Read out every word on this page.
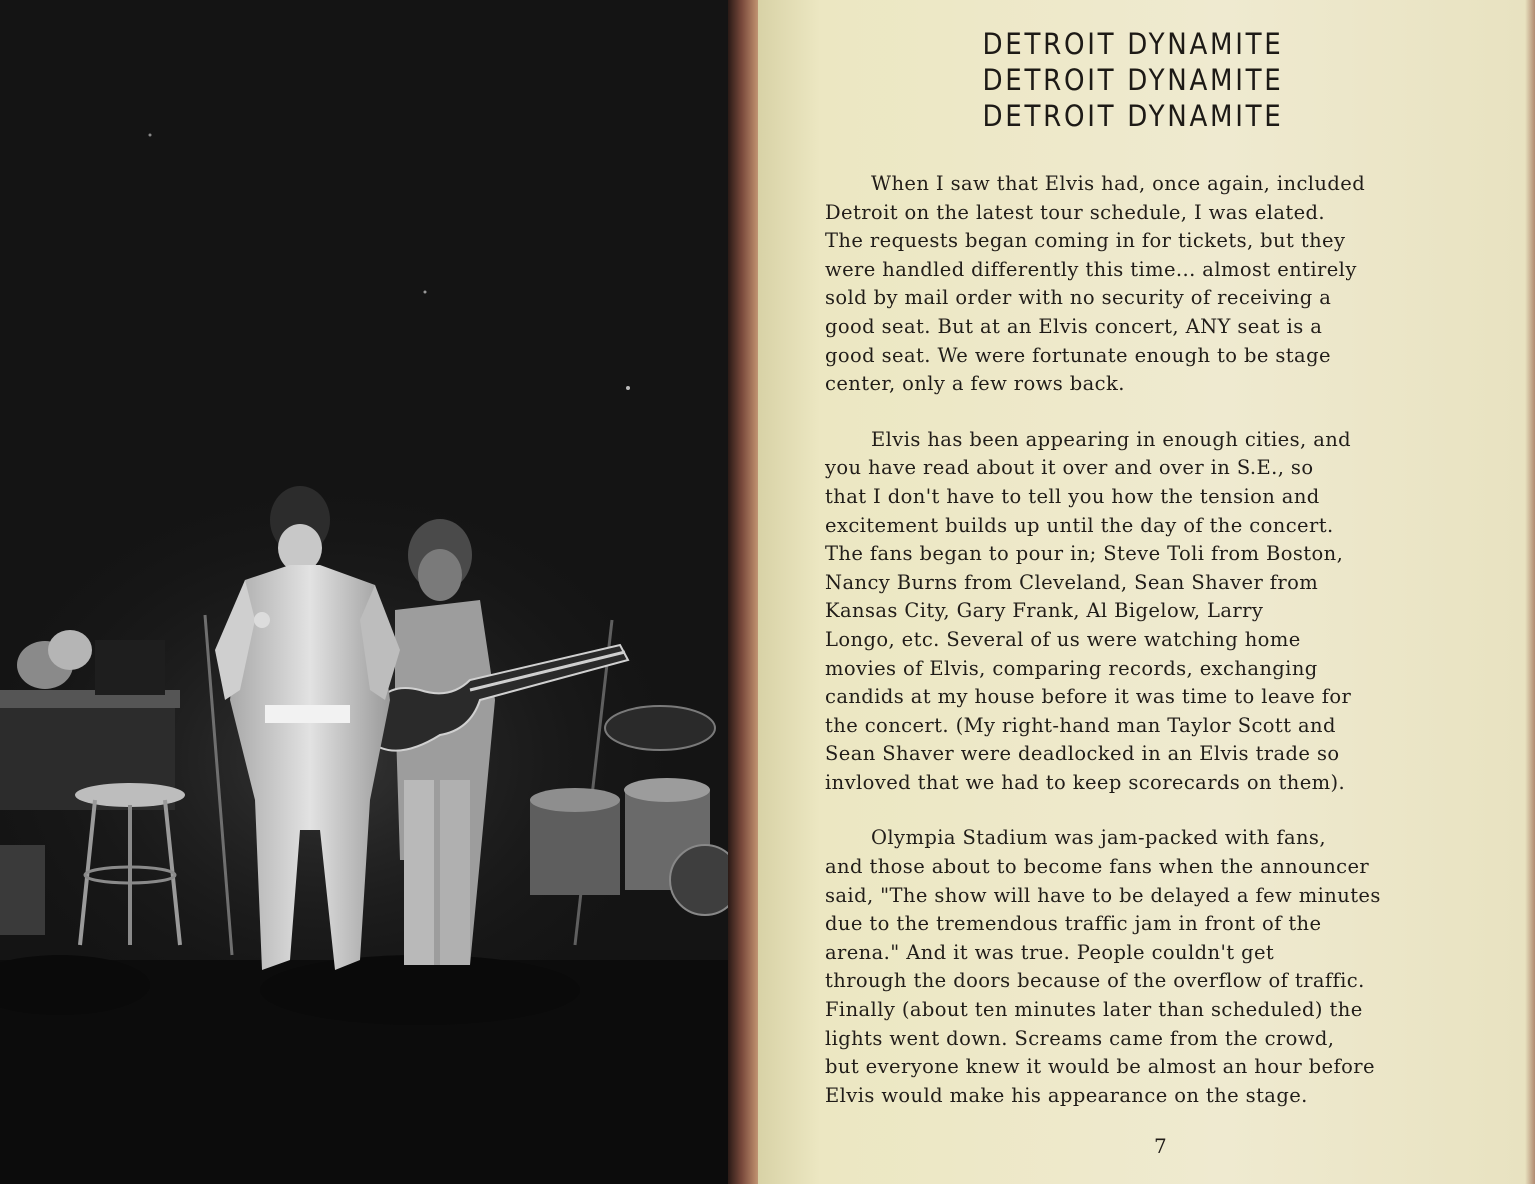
DETROIT DYNAMITE
DETROIT DYNAMITE
DETROIT DYNAMITE
When I saw that Elvis had, once again, included
Detroit on the latest tour schedule, I was elated.
The requests began coming in for tickets, but they
were handled differently this time... almost entirely
sold by mail order with no security of receiving a
good seat. But at an Elvis concert, ANY seat is a
good seat. We were fortunate enough to be stage
center, only a few rows back.
Elvis has been appearing in enough cities, and
you have read about it over and over in S.E., so
that I don't have to tell you how the tension and
excitement builds up until the day of the concert.
The fans began to pour in; Steve Toli from Boston,
Nancy Burns from Cleveland, Sean Shaver from
Kansas City, Gary Frank, Al Bigelow, Larry
Longo, etc. Several of us were watching home
movies of Elvis, comparing records, exchanging
candids at my house before it was time to leave for
the concert. (My right-hand man Taylor Scott and
Sean Shaver were deadlocked in an Elvis trade so
invloved that we had to keep scorecards on them).
Olympia Stadium was jam-packed with fans,
and those about to become fans when the announcer
said, "The show will have to be delayed a few minutes
due to the tremendous traffic jam in front of the
arena." And it was true. People couldn't get
through the doors because of the overflow of traffic.
Finally (about ten minutes later than scheduled) the
lights went down. Screams came from the crowd,
but everyone knew it would be almost an hour before
Elvis would make his appearance on the stage.
7
